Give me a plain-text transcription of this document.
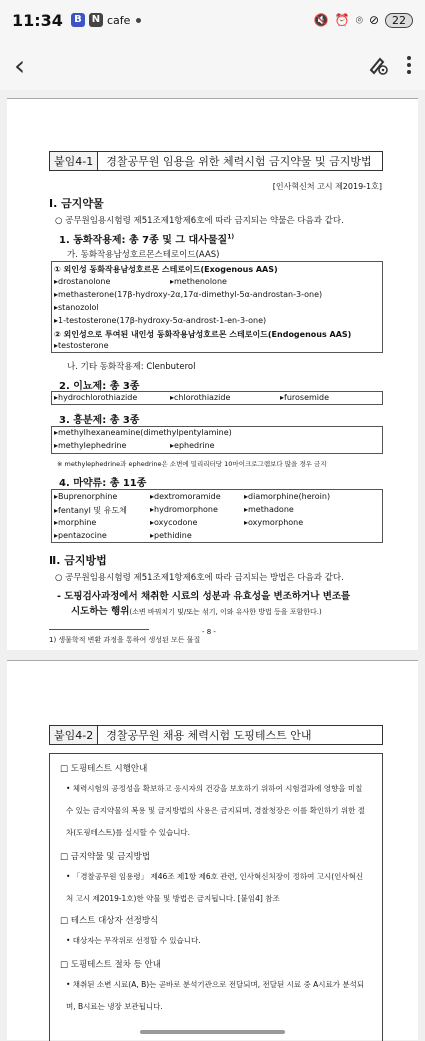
11:34	B	N cafe	🔇 ⏰ ⌾ ⊘	22
‹
붙임4-1	경찰공무원 임용을 위한 체력시험 금지약물 및 금지방법
[인사혁신처 고시 제2019-1호]
Ⅰ. 금지약물
○ 공무원임용시험령 제51조제1항제6호에 따라 금지되는 약물은 다음과 같다.
1. 동화작용제: 총 7종 및 그 대사물질$^{1)}$
가. 동화작용남성호르몬스테로이드(AAS)
① 외인성 동화작용남성호르몬 스테로이드(Exogenous AAS)
▸drostanolone	▸methenolone
▸methasterone(17β-hydroxy-2α,17α-dimethyl-5α-androstan-3-one)
▸stanozolol
▸1-testosterone(17β-hydroxy-5α-androst-1-en-3-one)
② 외인성으로 투여된 내인성 동화작용남성호르몬 스테로이드(Endogenous AAS)
▸testosterone
나. 기타 동화작용제: Clenbuterol
2. 이뇨제: 총 3종
▸hydrochlorothiazide	▸chlorothiazide	▸furosemide
3. 흥분제: 총 3종
▸methylhexaneamine(dimethylpentylamine)
▸methylephedrine	▸ephedrine
※ methylephedrine과 ephedrine은 소변에 밀리리터당 10마이크로그램보다 많을 경우 금지
4. 마약류: 총 11종
▸Buprenorphine	▸dextromoramide	▸diamorphine(heroin)
▸fentanyl 및 유도체	▸hydromorphone	▸methadone
▸morphine	▸oxycodone	▸oxymorphone
▸pentazocine	▸pethidine
Ⅱ. 금지방법
○ 공무원임용시험령 제51조제1항제6호에 따라 금지되는 방법은 다음과 같다.
- 도핑검사과정에서 채취한 시료의 성분과 유효성을 변조하거나 변조를
시도하는 행위(소변 바꿔치기 및/또는 섞기, 이와 유사한 방법 등을 포함한다.)
1) 생물학적 변환 과정을 통하여 생성된 모든 물질
- 8 -
붙임4-2	경찰공무원 채용 체력시험 도핑테스트 안내
□ 도핑테스트 시행안내
• 체력시험의 공정성을 확보하고 응시자의 건강을 보호하기 위하여 시험결과에 영향을 미칠 수 있는 금지약물의 복용 및 금지방법의 사용은 금지되며, 경찰청장은 이를 확인하기 위한 절차(도핑테스트)를 실시할 수 있습니다.
□ 금지약물 및 금지방법
• 「경찰공무원 임용령」 제46조 제1항 제6호 관련, 인사혁신처장이 정하여 고시(인사혁신처 고시 제2019-1호)한 약물 및 방법은 금지됩니다. [붙임4] 참조
□ 테스트 대상자 선정방식
• 대상자는 무작위로 선정할 수 있습니다.
□ 도핑테스트 절차 등 안내
• 채취된 소변 시료(A, B)는 곧바로 분석기관으로 전달되며, 전달된 시료 중 A시료가 분석되며, B시료는 냉장 보관됩니다.
